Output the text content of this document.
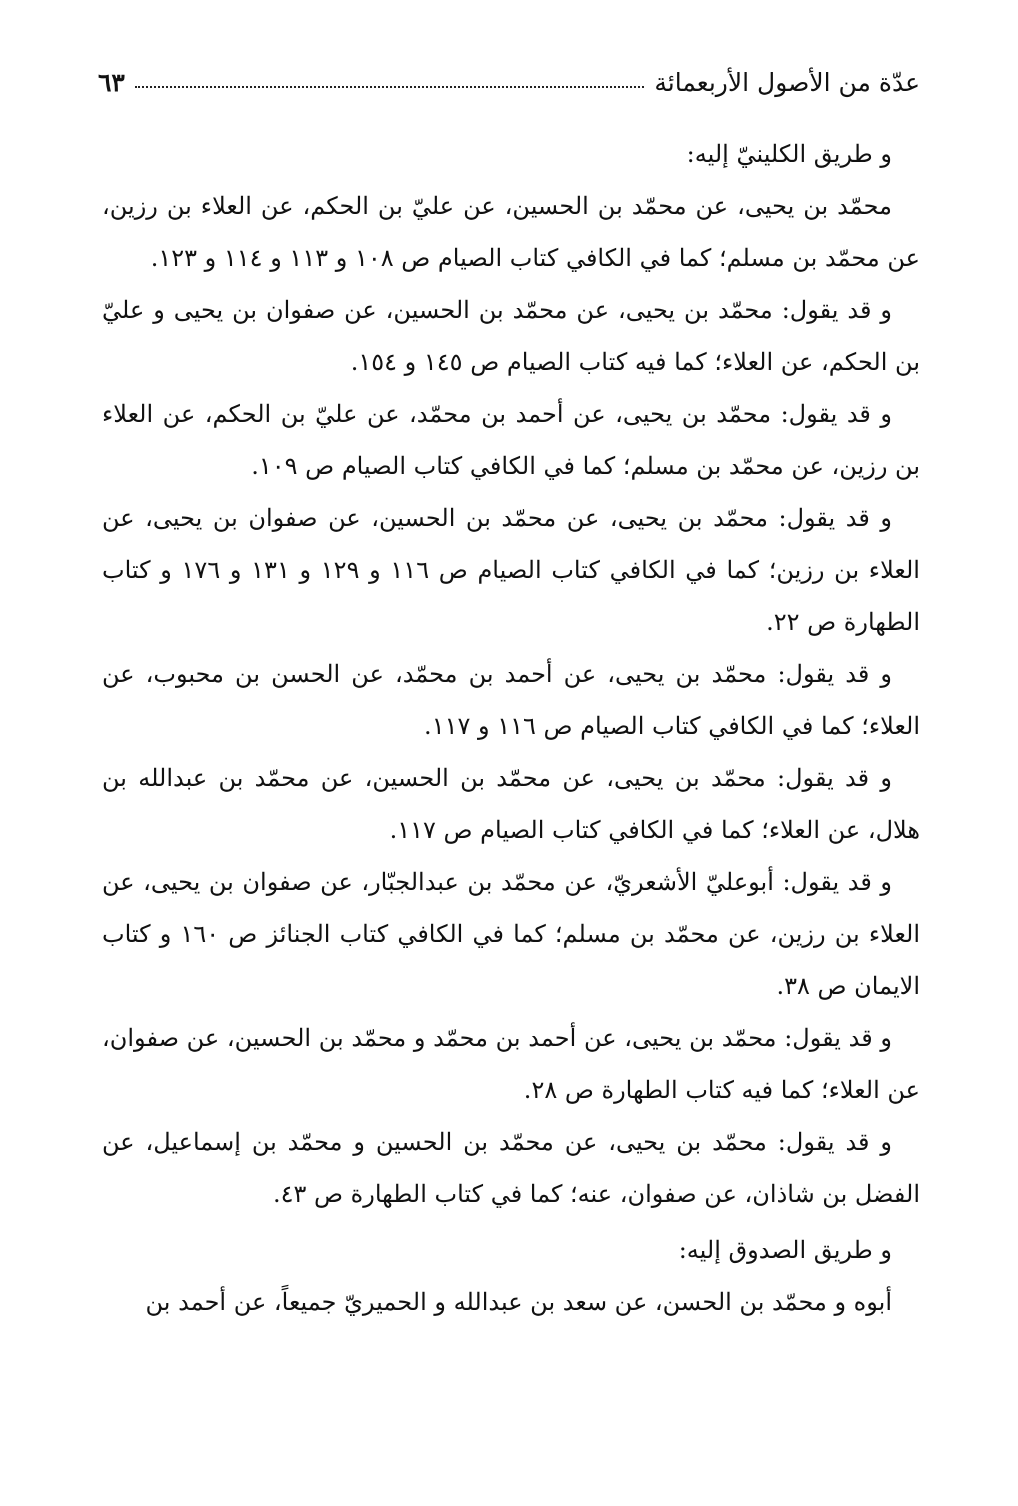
عدّة من الأصول الأربعمائة
٦٣

و طريق الكلينيّ إليه:

محمّد بن يحيى، عن محمّد بن الحسين، عن عليّ بن الحكم، عن العلاء بن رزين، عن محمّد بن مسلم؛ كما في الكافي كتاب الصيام ص ١٠٨ و ١١٣ و ١١٤ و ١٢٣.

و قد يقول: محمّد بن يحيى، عن محمّد بن الحسين، عن صفوان بن يحيى و عليّ بن الحكم، عن العلاء؛ كما فيه كتاب الصيام ص ١٤٥ و ١٥٤.

و قد يقول: محمّد بن يحيى، عن أحمد بن محمّد، عن عليّ بن الحكم، عن العلاء بن رزين، عن محمّد بن مسلم؛ كما في الكافي كتاب الصيام ص ١٠٩.

و قد يقول: محمّد بن يحيى، عن محمّد بن الحسين، عن صفوان بن يحيى، عن العلاء بن رزين؛ كما في الكافي كتاب الصيام ص ١١٦ و ١٢٩ و ١٣١ و ١٧٦ و كتاب الطهارة ص ٢٢.

و قد يقول: محمّد بن يحيى، عن أحمد بن محمّد، عن الحسن بن محبوب، عن العلاء؛ كما في الكافي كتاب الصيام ص ١١٦ و ١١٧.

و قد يقول: محمّد بن يحيى، عن محمّد بن الحسين، عن محمّد بن عبدالله بن هلال، عن العلاء؛ كما في الكافي كتاب الصيام ص ١١٧.

و قد يقول: أبوعليّ الأشعريّ، عن محمّد بن عبدالجبّار، عن صفوان بن يحيى، عن العلاء بن رزين، عن محمّد بن مسلم؛ كما في الكافي كتاب الجنائز ص ١٦٠ و كتاب الايمان ص ٣٨.

و قد يقول: محمّد بن يحيى، عن أحمد بن محمّد و محمّد بن الحسين، عن صفوان، عن العلاء؛ كما فيه كتاب الطهارة ص ٢٨.

و قد يقول: محمّد بن يحيى، عن محمّد بن الحسين و محمّد بن إسماعيل، عن الفضل بن شاذان، عن صفوان، عنه؛ كما في كتاب الطهارة ص ٤٣.

و طريق الصدوق إليه:

أبوه و محمّد بن الحسن، عن سعد بن عبدالله و الحميريّ جميعاً، عن أحمد بن
